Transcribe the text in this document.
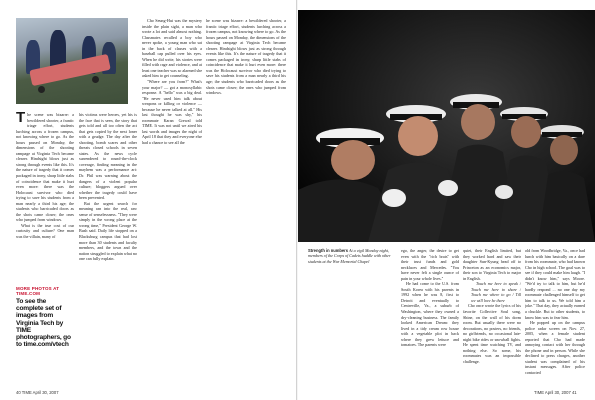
The scene was bizarre: a bewildered shooter, a frantic triage effort, students lurching across a frozen campus, not knowing where to go. As the hours passed on Monday, the dimensions of the shooting rampage at Virginia Tech became clearer. Hindsight blows just as strong through events like this. It's the nature of tragedy that it comes packaged in irony, sharp little stabs of coincidence that make it hurt even more: there was the Holocaust survivor who died trying to save his students from a man nearly a third his age; the students who barricaded doors as the shots came closer; the ones who jumped from windows.

What is the true cost of our curiosity and culture? One man was the villain, many of

his victims were heroes, yet his is the face that is seen, the story that gets told and all too often the act that gets copied by the next loner with a grudge. The day after the shooting, bomb scares and other threats closed schools in seven states. As the news cycle surrendered to round-the-clock coverage, finding meaning in the mayhem was a performance art: Dr. Phil was warning about the dangers of a violent popular culture; bloggers argued over whether the tragedy could have been prevented.

But the urgent search for meaning ran into the real, raw sense of senselessness. "They were simply in the wrong place at the wrong time," President George W. Bush said. Daily life stopped on a Blacksburg campus that had lost more than 30 students and faculty members, and the town and the nation struggled to explain what no one can fully explain.

Cho Seung-Hui was the mystery inside the plain sight, a man who wrote a lot and said almost nothing. Classmates recalled a boy who never spoke, a young man who sat in the back of classes with a baseball cap pulled over his eyes. When he did write, his stories were filled with rage and violence, and at least one teacher was so alarmed she asked him to get counseling.

"Where are you from?" What's your major? — got a monosyllabic response. A "hello" was a big deal. "He never used him talk about weapons or killing or violence — because he never talked at all." His last thought he was shy," his roommate Karan Grewal told TIME. It was not until we aired his last words and images the night of April 18 that they and everyone else had a chance to see all the

he scene was bizarre: a bewildered shooter, a frantic triage effort, students lurching across a frozen campus, not knowing where to go. As the hours passed on Monday, the dimensions of the shooting rampage at Virginia Tech became clearer. Hindsight blows just as strong through events like this. It's the nature of tragedy that it comes packaged in irony, sharp little stabs of coincidence that make it hurt even more: there was the Holocaust survivor who died trying to save his students from a man nearly a third his age; the students who barricaded doors as the shots came closer; the ones who jumped from windows.

MORE PHOTOS AT TIME.COM
To see the complete set of images from Virginia Tech by TIME photographers, go to time.com/vtech
40 TIME April 30, 2007
Strength in numbers At a vigil Monday night, members of the Corps of Cadets huddle with other students at the War Memorial Chapel

ego, the anger, the desire to get even with the "rich brats" with their trust funds and gold necklaces and Mercedes. "You have never felt a single ounce of pain in your whole lives."

He had come to the U.S. from South Korea with his parents in 1992 when he was 8, first to Detroit and eventually to Centreville, Va., a suburb of Washington, where they owned a dry-cleaning business. The family looked American Dream: they lived in a tidy cream row house with a vegetable plot in back where they grew lettuce and tomatoes. The parents were

quiet, their English limited, but they worked hard and saw their daughter Sun-Kyung head off to Princeton as an economics major, their son to Virginia Tech to major in English.

Touch me here to speak / Touch me here to share / Touch me where to go / Till we will love be there

Cho once wrote the lyrics of his favorite Collective Soul song, Shine, on the wall of his dorm room. But usually there were no decorations, no posters, no friends, no girlfriends, no occasional late-night bike rides or snowball fights. He spent time watching TV, and nothing else. So some, his roommates was an impossible challenge.

old from Woodbridge, Va., once had lunch with him basically on a dare from his roommate, who had known Cho in high school. The goal was to see if they could make him laugh. "I didn't know him," says Moore. "We'd try to talk to him, but he'd hardly respond ... no one day my roommate challenged himself to get him to talk to us. We told him a joke." That day, they actually earned a chuckle. But to other students, to know him was to fear him.

He popped up on the campus police radar screen on Nov. 27, 2005, when a female student reported that Cho had made annoying contact with her through the phone and in person. While she declined to press charges, another student was complained of his instant messages. After police contacted

TIME April 30, 2007 41
